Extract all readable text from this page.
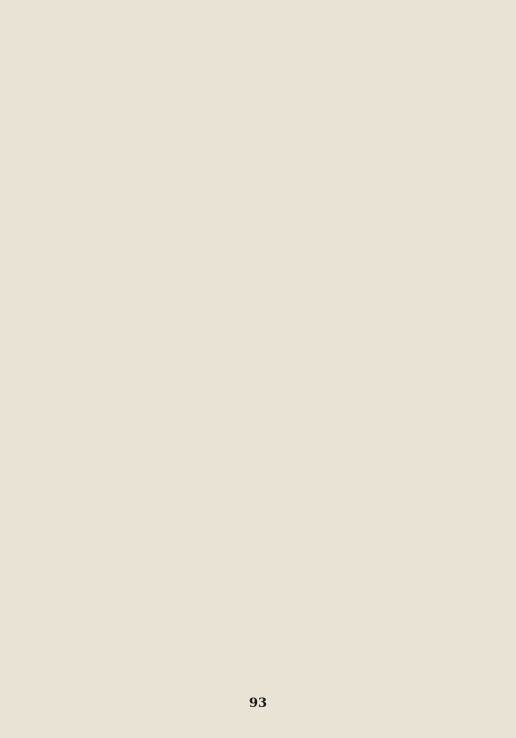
93
